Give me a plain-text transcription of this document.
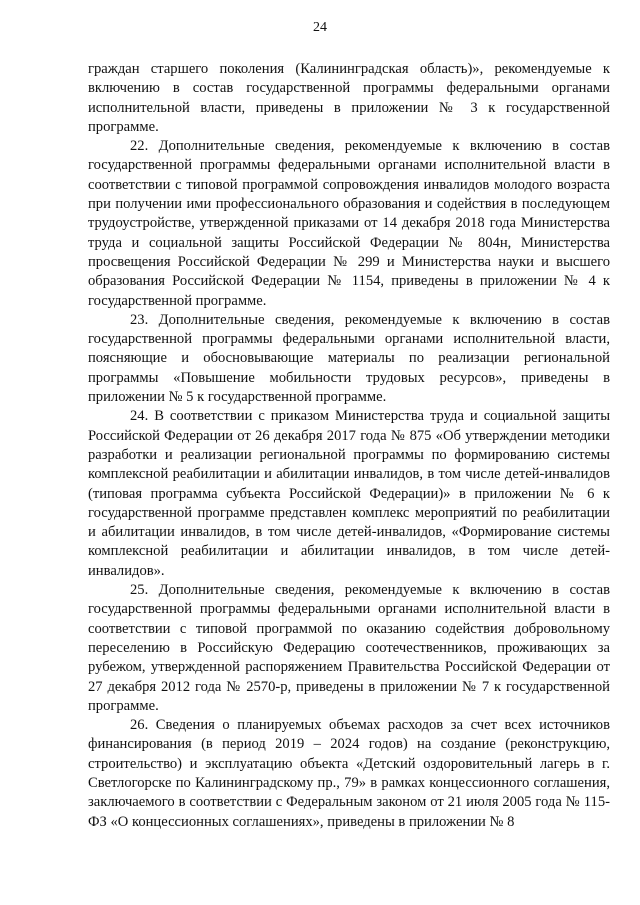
24

граждан старшего поколения (Калининградская область)», рекомендуемые к включению в состав государственной программы федеральными органами исполнительной власти, приведены в приложении № 3 к государственной программе.

22. Дополнительные сведения, рекомендуемые к включению в состав государственной программы федеральными органами исполнительной власти в соответствии с типовой программой сопровождения инвалидов молодого возраста при получении ими профессионального образования и содействия в последующем трудоустройстве, утвержденной приказами от 14 декабря 2018 года Министерства труда и социальной защиты Российской Федерации № 804н, Министерства просвещения Российской Федерации № 299 и Министерства науки и высшего образования Российской Федерации № 1154, приведены в приложении № 4 к государственной программе.

23. Дополнительные сведения, рекомендуемые к включению в состав государственной программы федеральными органами исполнительной власти, поясняющие и обосновывающие материалы по реализации региональной программы «Повышение мобильности трудовых ресурсов», приведены в приложении № 5 к государственной программе.

24. В соответствии с приказом Министерства труда и социальной защиты Российской Федерации от 26 декабря 2017 года № 875 «Об утверждении методики разработки и реализации региональной программы по формированию системы комплексной реабилитации и абилитации инвалидов, в том числе детей-инвалидов (типовая программа субъекта Российской Федерации)» в приложении № 6 к государственной программе представлен комплекс мероприятий по реабилитации и абилитации инвалидов, в том числе детей-инвалидов, «Формирование системы комплексной реабилитации и абилитации инвалидов, в том числе детей-инвалидов».

25. Дополнительные сведения, рекомендуемые к включению в состав государственной программы федеральными органами исполнительной власти в соответствии с типовой программой по оказанию содействия добровольному переселению в Российскую Федерацию соотечественников, проживающих за рубежом, утвержденной распоряжением Правительства Российской Федерации от 27 декабря 2012 года № 2570-р, приведены в приложении № 7 к государственной программе.

26. Сведения о планируемых объемах расходов за счет всех источников финансирования (в период 2019 – 2024 годов) на создание (реконструкцию, строительство) и эксплуатацию объекта «Детский оздоровительный лагерь в г. Светлогорске по Калининградскому пр., 79» в рамках концессионного соглашения, заключаемого в соответствии с Федеральным законом от 21 июля 2005 года № 115-ФЗ «О концессионных соглашениях», приведены в приложении № 8
